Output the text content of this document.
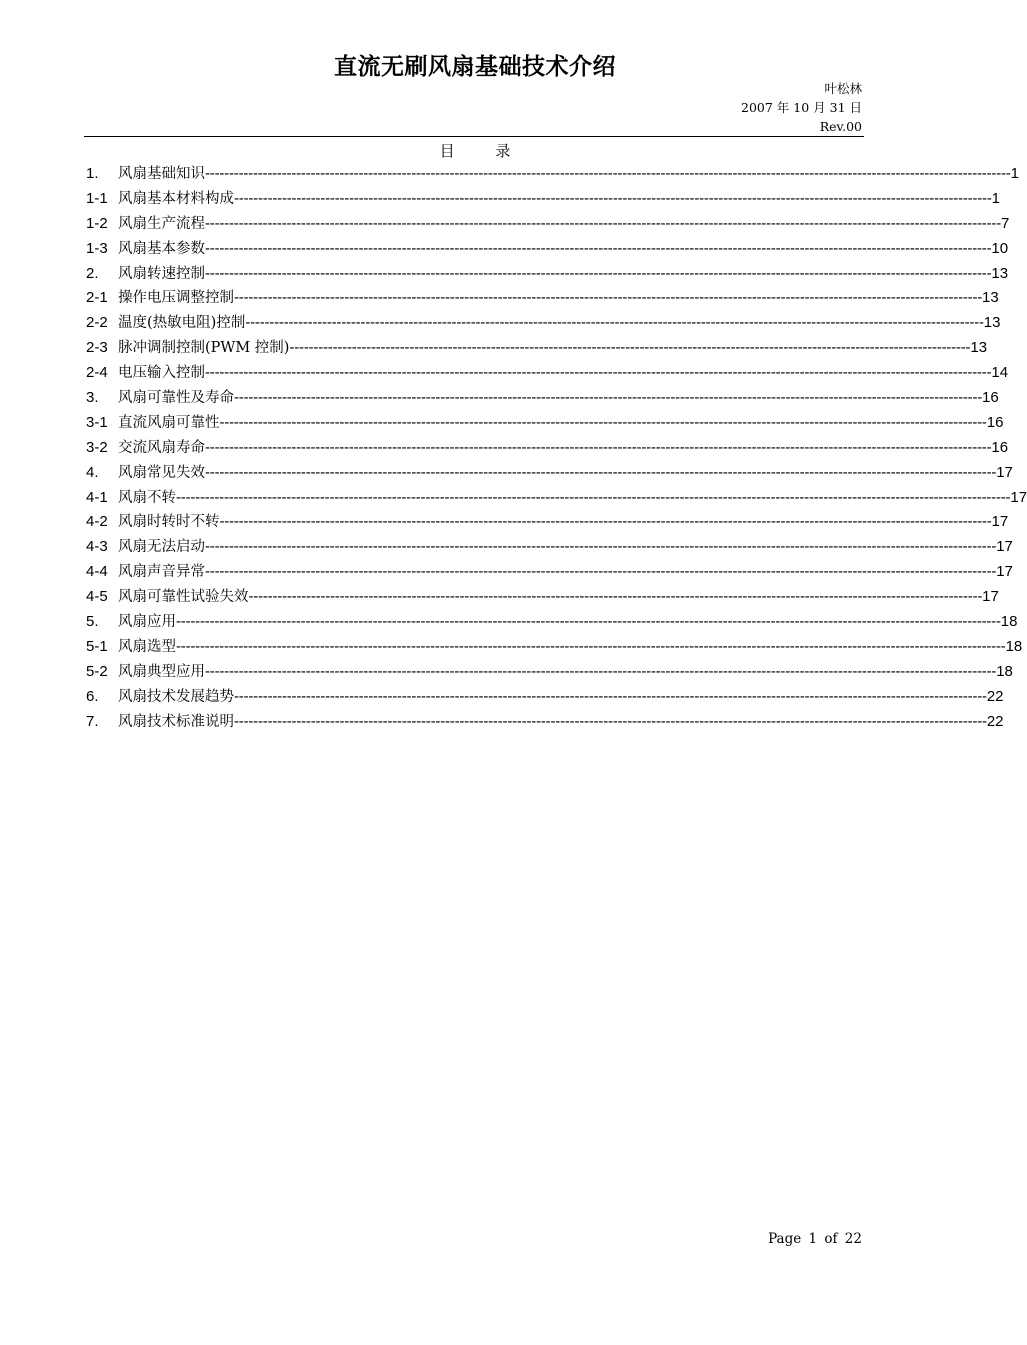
直流无刷风扇基础技术介绍
叶松林
2007 年 10 月 31 日
Rev.00
目 录
1. 风扇基础知识------------------------------------------------------------------------------------------------------------------------------------------------------------------------1
1-1 风扇基本材料构成--------------------------------------------------------------------------------------------------------------------------------------------------------------1
1-2 风扇生产流程----------------------------------------------------------------------------------------------------------------------------------------------------------------------7
1-3 风扇基本参数--------------------------------------------------------------------------------------------------------------------------------------------------------------------10
2. 风扇转速控制--------------------------------------------------------------------------------------------------------------------------------------------------------------------13
2-1 操作电压调整控制------------------------------------------------------------------------------------------------------------------------------------------------------------13
2-2 温度(热敏电阻)控制----------------------------------------------------------------------------------------------------------------------------------------------------------13
2-3 脉冲调制控制(PWM 控制)----------------------------------------------------------------------------------------------------------------------------------------------13
2-4 电压输入控制--------------------------------------------------------------------------------------------------------------------------------------------------------------------14
3. 风扇可靠性及寿命------------------------------------------------------------------------------------------------------------------------------------------------------------16
3-1 直流风扇可靠性----------------------------------------------------------------------------------------------------------------------------------------------------------------16
3-2 交流风扇寿命--------------------------------------------------------------------------------------------------------------------------------------------------------------------16
4. 风扇常见失效---------------------------------------------------------------------------------------------------------------------------------------------------------------------17
4-1 风扇不转------------------------------------------------------------------------------------------------------------------------------------------------------------------------------17
4-2 风扇时转时不转-----------------------------------------------------------------------------------------------------------------------------------------------------------------17
4-3 风扇无法启动---------------------------------------------------------------------------------------------------------------------------------------------------------------------17
4-4 风扇声音异常---------------------------------------------------------------------------------------------------------------------------------------------------------------------17
4-5 风扇可靠性试验失效---------------------------------------------------------------------------------------------------------------------------------------------------------17
5. 风扇应用----------------------------------------------------------------------------------------------------------------------------------------------------------------------------18
5-1 风扇选型-----------------------------------------------------------------------------------------------------------------------------------------------------------------------------18
5-2 风扇典型应用---------------------------------------------------------------------------------------------------------------------------------------------------------------------18
6. 风扇技术发展趋势-------------------------------------------------------------------------------------------------------------------------------------------------------------22
7. 风扇技术标准说明-------------------------------------------------------------------------------------------------------------------------------------------------------------22
Page 1 of 22
